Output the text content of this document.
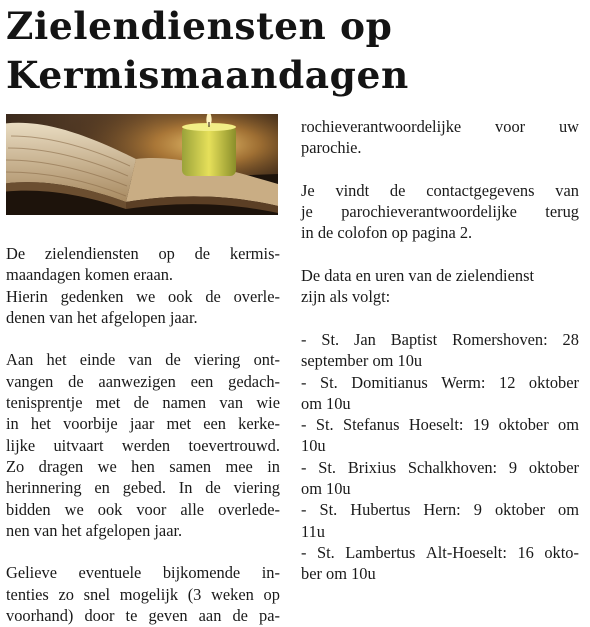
Zielendiensten op
Kermismaandagen

De zielendiensten op de kermis-
maandagen komen eraan.
Hierin gedenken we ook de overle-
denen van het afgelopen jaar.

Aan het einde van de viering ont-
vangen de aanwezigen een gedach-
tenisprentje met de namen van wie
in het voorbije jaar met een kerke-
lijke uitvaart werden toevertrouwd.
Zo dragen we hen samen mee in
herinnering en gebed. In de viering
bidden we ook voor alle overlede-
nen van het afgelopen jaar.

Gelieve eventuele bijkomende in-
tenties zo snel mogelijk (3 weken op
voorhand) door te geven aan de pa-

rochieverantwoordelijke voor uw
parochie.

Je vindt de contactgegevens van
je parochieverantwoordelijke terug
in de colofon op pagina 2.

De data en uren van de zielendienst
zijn als volgt:

- St. Jan Baptist Romershoven: 28
september om 10u
- St. Domitianus Werm: 12 oktober
om 10u
- St. Stefanus Hoeselt: 19 oktober om
10u
- St. Brixius Schalkhoven: 9 oktober
om 10u
- St. Hubertus Hern: 9 oktober om
11u
- St. Lambertus Alt-Hoeselt: 16 okto-
ber om 10u
